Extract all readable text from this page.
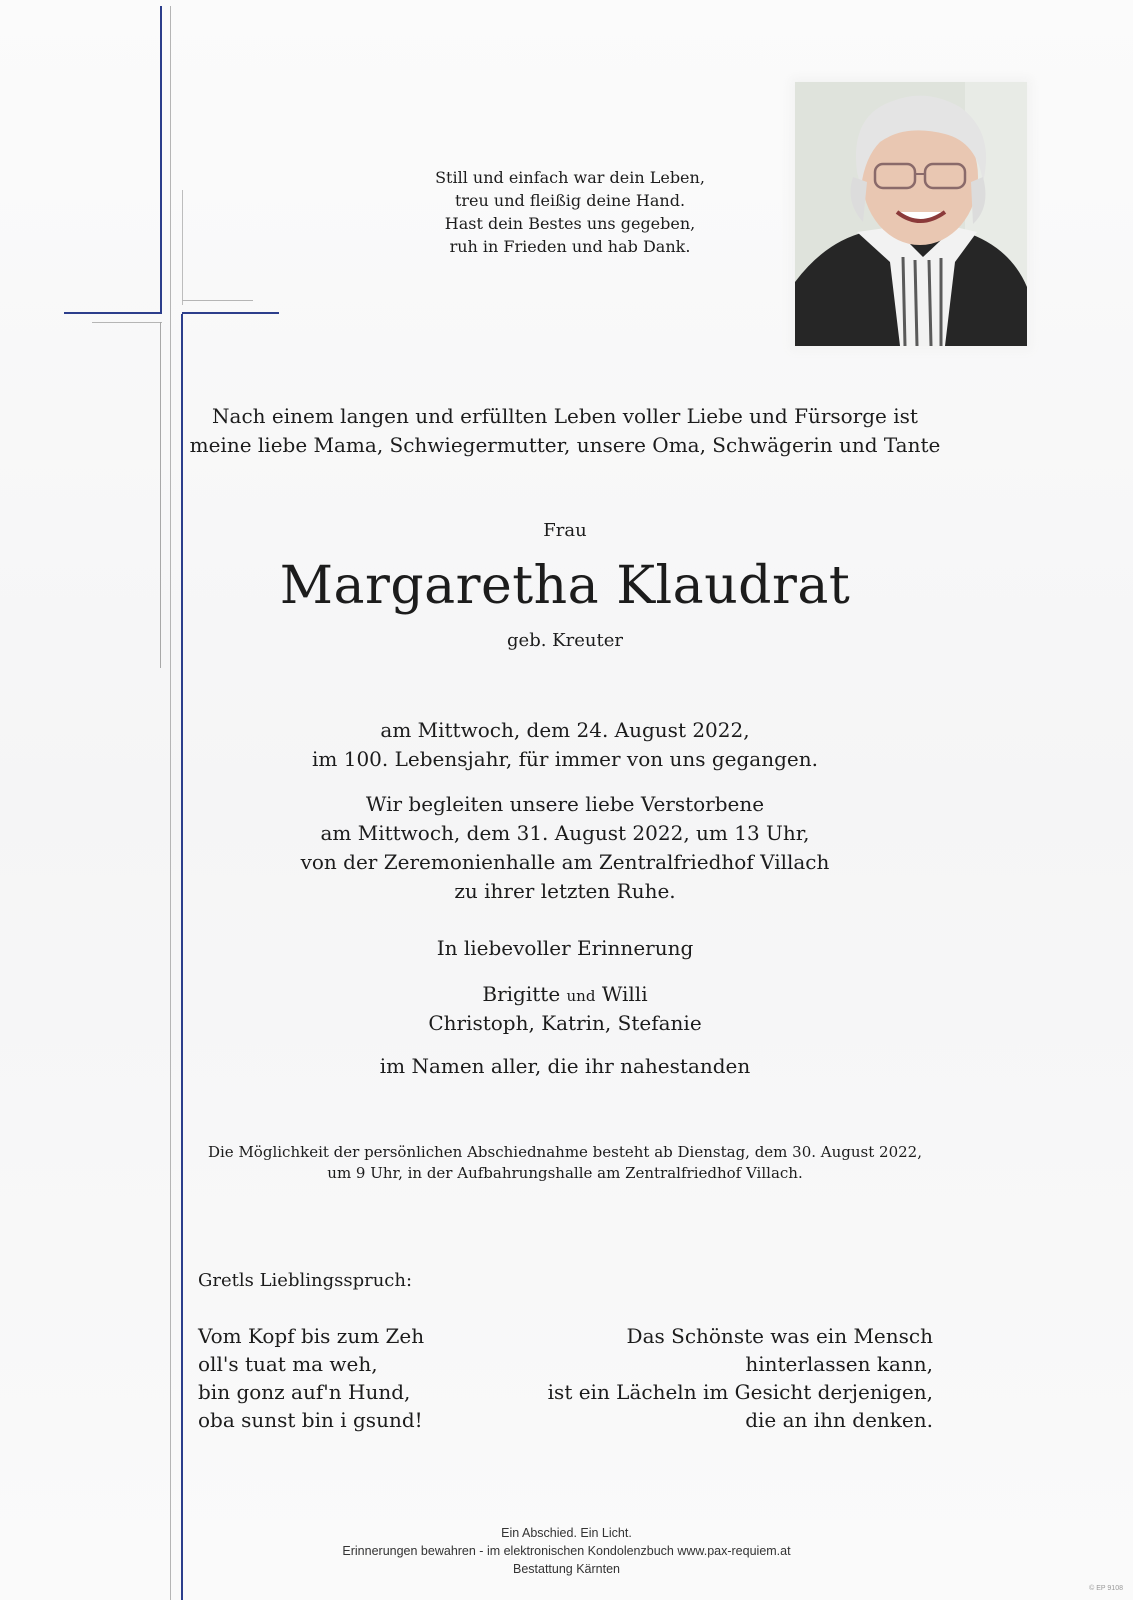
Still und einfach war dein Leben,
treu und fleißig deine Hand.
Hast dein Bestes uns gegeben,
ruh in Frieden und hab Dank.
Nach einem langen und erfüllten Leben voller Liebe und Fürsorge ist
meine liebe Mama, Schwiegermutter, unsere Oma, Schwägerin und Tante
Frau
Margaretha Klaudrat
geb. Kreuter
am Mittwoch, dem 24. August 2022,
im 100. Lebensjahr, für immer von uns gegangen.
Wir begleiten unsere liebe Verstorbene
am Mittwoch, dem 31. August 2022, um 13 Uhr,
von der Zeremonienhalle am Zentralfriedhof Villach
zu ihrer letzten Ruhe.
In liebevoller Erinnerung
Brigitte und Willi
Christoph, Katrin, Stefanie
im Namen aller, die ihr nahestanden
Die Möglichkeit der persönlichen Abschiednahme besteht ab Dienstag, dem 30. August 2022,
um 9 Uhr, in der Aufbahrungshalle am Zentralfriedhof Villach.
Gretls Lieblingsspruch:
Vom Kopf bis zum Zeh
oll's tuat ma weh,
bin gonz auf'n Hund,
oba sunst bin i gsund!
Das Schönste was ein Mensch
hinterlassen kann,
ist ein Lächeln im Gesicht derjenigen,
die an ihn denken.
Ein Abschied. Ein Licht.
Erinnerungen bewahren - im elektronischen Kondolenzbuch www.pax-requiem.at
Bestattung Kärnten
© EP 9108
